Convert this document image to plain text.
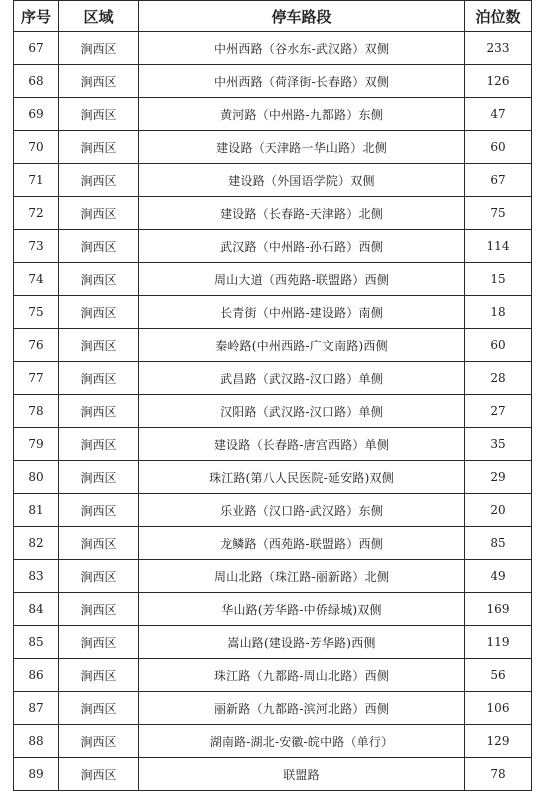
序号	区域	停车路段	泊位数
67	涧西区	中州西路（谷水东-武汉路）双侧	233
68	涧西区	中州西路（荷泽街-长春路）双侧	126
69	涧西区	黄河路（中州路-九都路）东侧	47
70	涧西区	建设路（天津路一华山路）北侧	60
71	涧西区	建设路（外国语学院）双侧	67
72	涧西区	建设路（长春路-天津路）北侧	75
73	涧西区	武汉路（中州路-孙石路）西侧	114
74	涧西区	周山大道（西苑路-联盟路）西侧	15
75	涧西区	长青街（中州路-建设路）南侧	18
76	涧西区	秦岭路(中州西路-广文南路)西侧	60
77	涧西区	武昌路（武汉路-汉口路）单侧	28
78	涧西区	汉阳路（武汉路-汉口路）单侧	27
79	涧西区	建设路（长春路-唐宫西路）单侧	35
80	涧西区	珠江路(第八人民医院-延安路)双侧	29
81	涧西区	乐业路（汉口路-武汉路）东侧	20
82	涧西区	龙鳞路（西苑路-联盟路）西侧	85
83	涧西区	周山北路（珠江路-丽新路）北侧	49
84	涧西区	华山路(芳华路-中侨绿城)双侧	169
85	涧西区	嵩山路(建设路-芳华路)西侧	119
86	涧西区	珠江路（九都路-周山北路）西侧	56
87	涧西区	丽新路（九都路-滨河北路）西侧	106
88	涧西区	湖南路-湖北-安徽-皖中路（单行）	129
89	涧西区	联盟路	78
